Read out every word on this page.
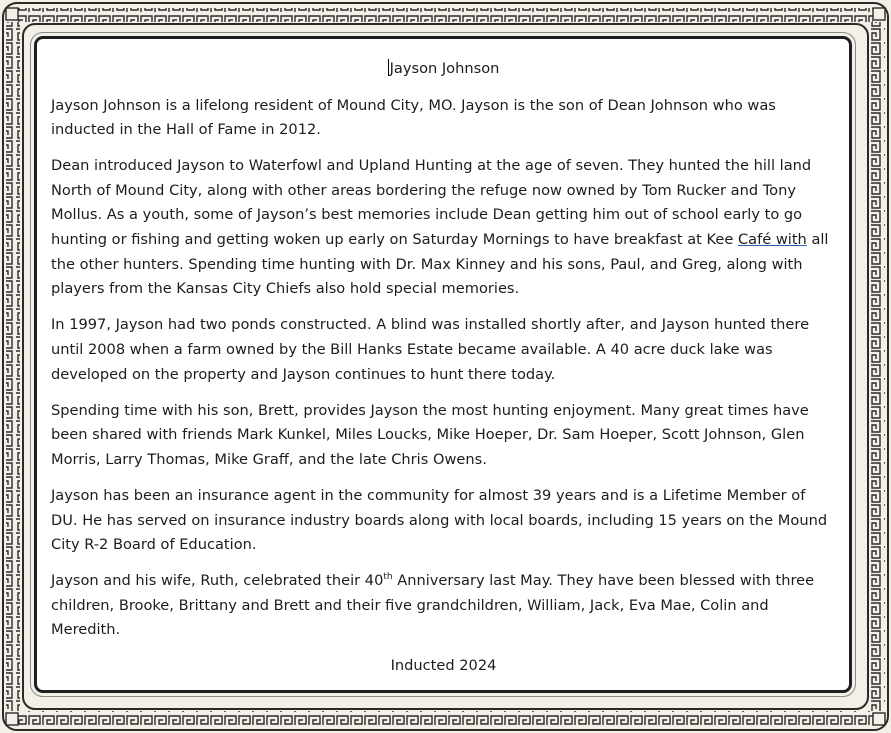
Jayson Johnson

Jayson Johnson is a lifelong resident of Mound City, MO. Jayson is the son of Dean Johnson who was inducted in the Hall of Fame in 2012.

Dean introduced Jayson to Waterfowl and Upland Hunting at the age of seven. They hunted the hill land North of Mound City, along with other areas bordering the refuge now owned by Tom Rucker and Tony Mollus. As a youth, some of Jayson’s best memories include Dean getting him out of school early to go hunting or fishing and getting woken up early on Saturday Mornings to have breakfast at Kee Café with all the other hunters. Spending time hunting with Dr. Max Kinney and his sons, Paul, and Greg, along with players from the Kansas City Chiefs also hold special memories.

In 1997, Jayson had two ponds constructed. A blind was installed shortly after, and Jayson hunted there until 2008 when a farm owned by the Bill Hanks Estate became available. A 40 acre duck lake was developed on the property and Jayson continues to hunt there today.

Spending time with his son, Brett, provides Jayson the most hunting enjoyment. Many great times have been shared with friends Mark Kunkel, Miles Loucks, Mike Hoeper, Dr. Sam Hoeper, Scott Johnson, Glen Morris, Larry Thomas, Mike Graff, and the late Chris Owens.

Jayson has been an insurance agent in the community for almost 39 years and is a Lifetime Member of DU. He has served on insurance industry boards along with local boards, including 15 years on the Mound City R-2 Board of Education.

Jayson and his wife, Ruth, celebrated their 40th Anniversary last May. They have been blessed with three children, Brooke, Brittany and Brett and their five grandchildren, William, Jack, Eva Mae, Colin and Meredith.

Inducted 2024
